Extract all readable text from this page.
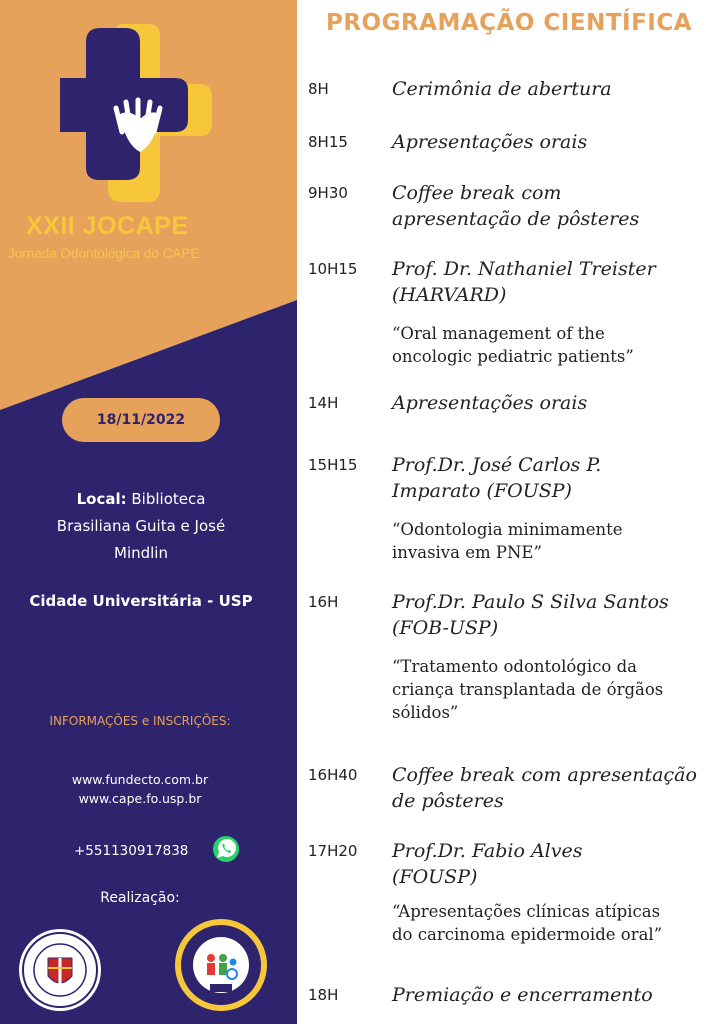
XXII JOCAPE
Jornada Odontológica do CAPE
18/11/2022
Local: Biblioteca
Brasiliana Guita e José
Mindlin
Cidade Universitária - USP
INFORMAÇÕES e INSCRIÇÕES:
www.fundecto.com.br
www.cape.fo.usp.br
+551130917838
Realização:
PROGRAMAÇÃO CIENTÍFICA
8H	Cerimônia de abertura
8H15 Apresentações orais
9H30 Coffee break com
apresentação de pôsteres
10H15 Prof. Dr. Nathaniel Treister
(HARVARD)
“Oral management of the
oncologic pediatric patients”
14H	Apresentações orais
15H15 Prof.Dr. José Carlos P.
Imparato (FOUSP)
“Odontologia minimamente
invasiva em PNE”
16H	Prof.Dr. Paulo S Silva Santos
(FOB-USP)
“Tratamento odontológico da
criança transplantada de órgãos
sólidos”
16H40 Coffee break com apresentação
de pôsteres
17H20 Prof.Dr. Fabio Alves
(FOUSP)
“Apresentações clínicas atípicas
do carcinoma epidermoide oral”
18H	Premiação e encerramento
